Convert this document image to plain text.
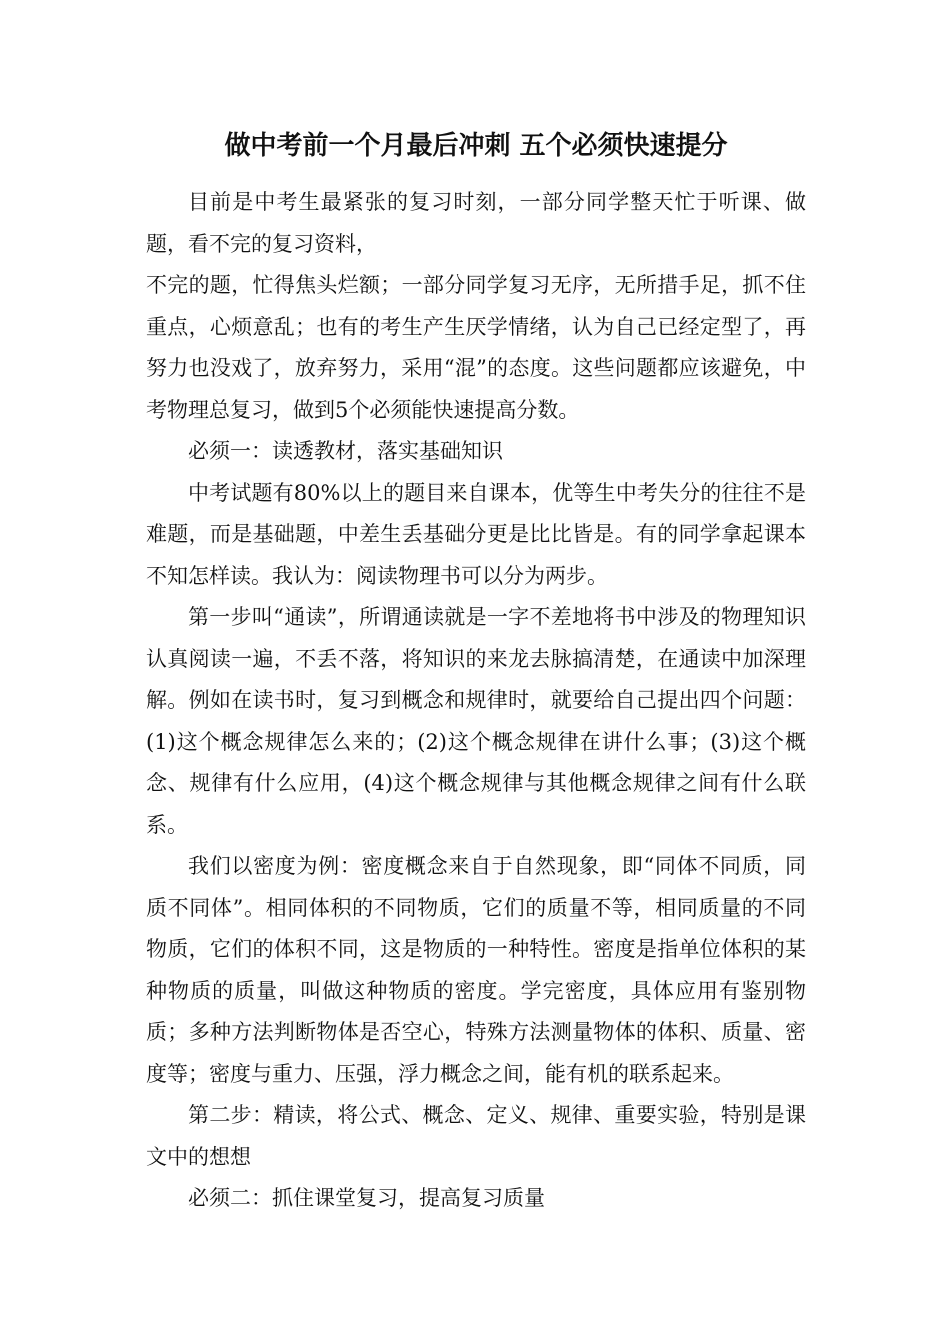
做中考前一个月最后冲刺 五个必须快速提分

目前是中考生最紧张的复习时刻，一部分同学整天忙于听课、做题，看不完的复习资料，

不完的题，忙得焦头烂额；一部分同学复习无序，无所措手足，抓不住重点，心烦意乱；也有的考生产生厌学情绪，认为自己已经定型了，再努力也没戏了，放弃努力，采用“混”的态度。这些问题都应该避免，中考物理总复习，做到5个必须能快速提高分数。

必须一：读透教材，落实基础知识

中考试题有80%以上的题目来自课本，优等生中考失分的往往不是难题，而是基础题，中差生丢基础分更是比比皆是。有的同学拿起课本不知怎样读。我认为：阅读物理书可以分为两步。

第一步叫“通读”，所谓通读就是一字不差地将书中涉及的物理知识认真阅读一遍，不丢不落，将知识的来龙去脉搞清楚，在通读中加深理解。例如在读书时，复习到概念和规律时，就要给自己提出四个问题：(1)这个概念规律怎么来的；(2)这个概念规律在讲什么事；(3)这个概念、规律有什么应用，(4)这个概念规律与其他概念规律之间有什么联系。

我们以密度为例：密度概念来自于自然现象，即“同体不同质，同质不同体”。相同体积的不同物质，它们的质量不等，相同质量的不同物质，它们的体积不同，这是物质的一种特性。密度是指单位体积的某种物质的质量，叫做这种物质的密度。学完密度，具体应用有鉴别物质；多种方法判断物体是否空心，特殊方法测量物体的体积、质量、密度等；密度与重力、压强，浮力概念之间，能有机的联系起来。

第二步：精读，将公式、概念、定义、规律、重要实验，特别是课文中的想想

必须二：抓住课堂复习，提高复习质量
